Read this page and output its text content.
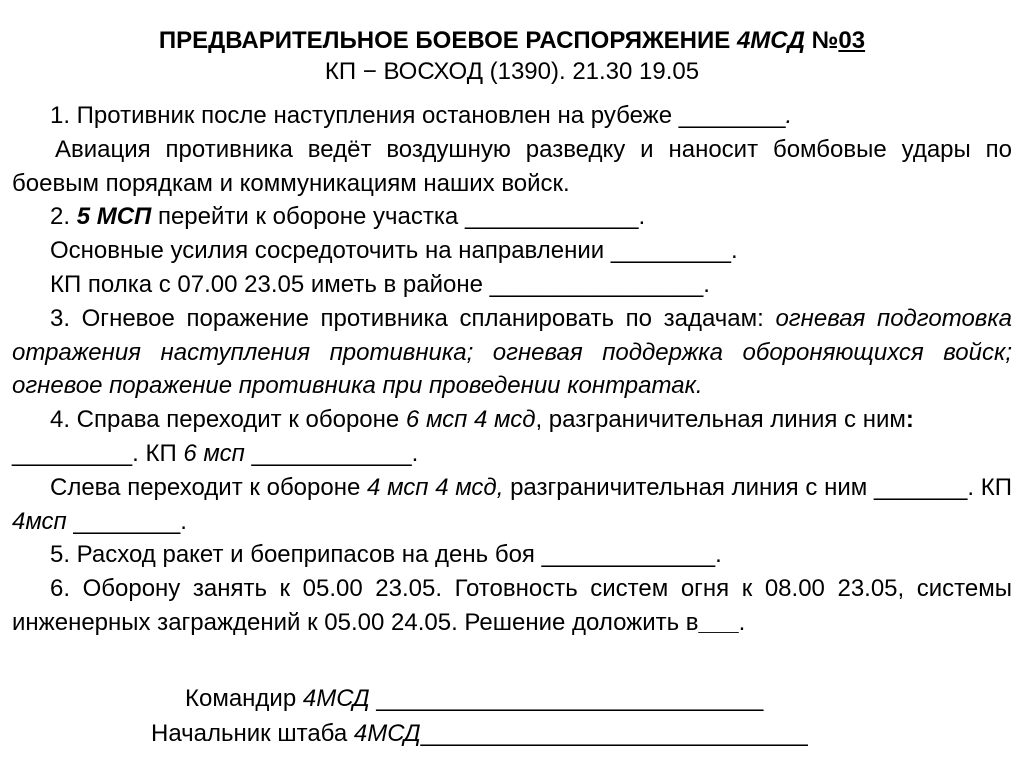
ПРЕДВАРИТЕЛЬНОЕ БОЕВОЕ РАСПОРЯЖЕНИЕ 4МСД №03
КП − ВОСХОД (1390). 21.30 19.05

1. Противник после наступления остановлен на рубеже ________.

Авиация противника ведёт воздушную разведку и наносит бомбовые удары по боевым порядкам и коммуникациям наших войск.

2. 5 МСП перейти к обороне участка _____________.

Основные усилия сосредоточить на направлении _________.

КП полка с 07.00 23.05 иметь в районе ________________.

3. Огневое поражение противника спланировать по задачам: огневая подготовка отражения наступления противника; огневая поддержка обороняющихся войск; огневое поражение противника при проведении контратак.

4. Справа переходит к обороне 6 мсп 4 мсд, разграничительная линия с ним: _________. КП 6 мсп ____________.

Слева переходит к обороне 4 мсп 4 мсд, разграничительная линия с ним _______. КП 4мсп ________.

5. Расход ракет и боеприпасов на день боя _____________.

6. Оборону занять к 05.00 23.05. Готовность систем огня к 08.00 23.05, системы инженерных заграждений к 05.00 24.05. Решение доложить в___.

Командир 4МСД _____________________________
Начальник штаба 4МСД_____________________________
